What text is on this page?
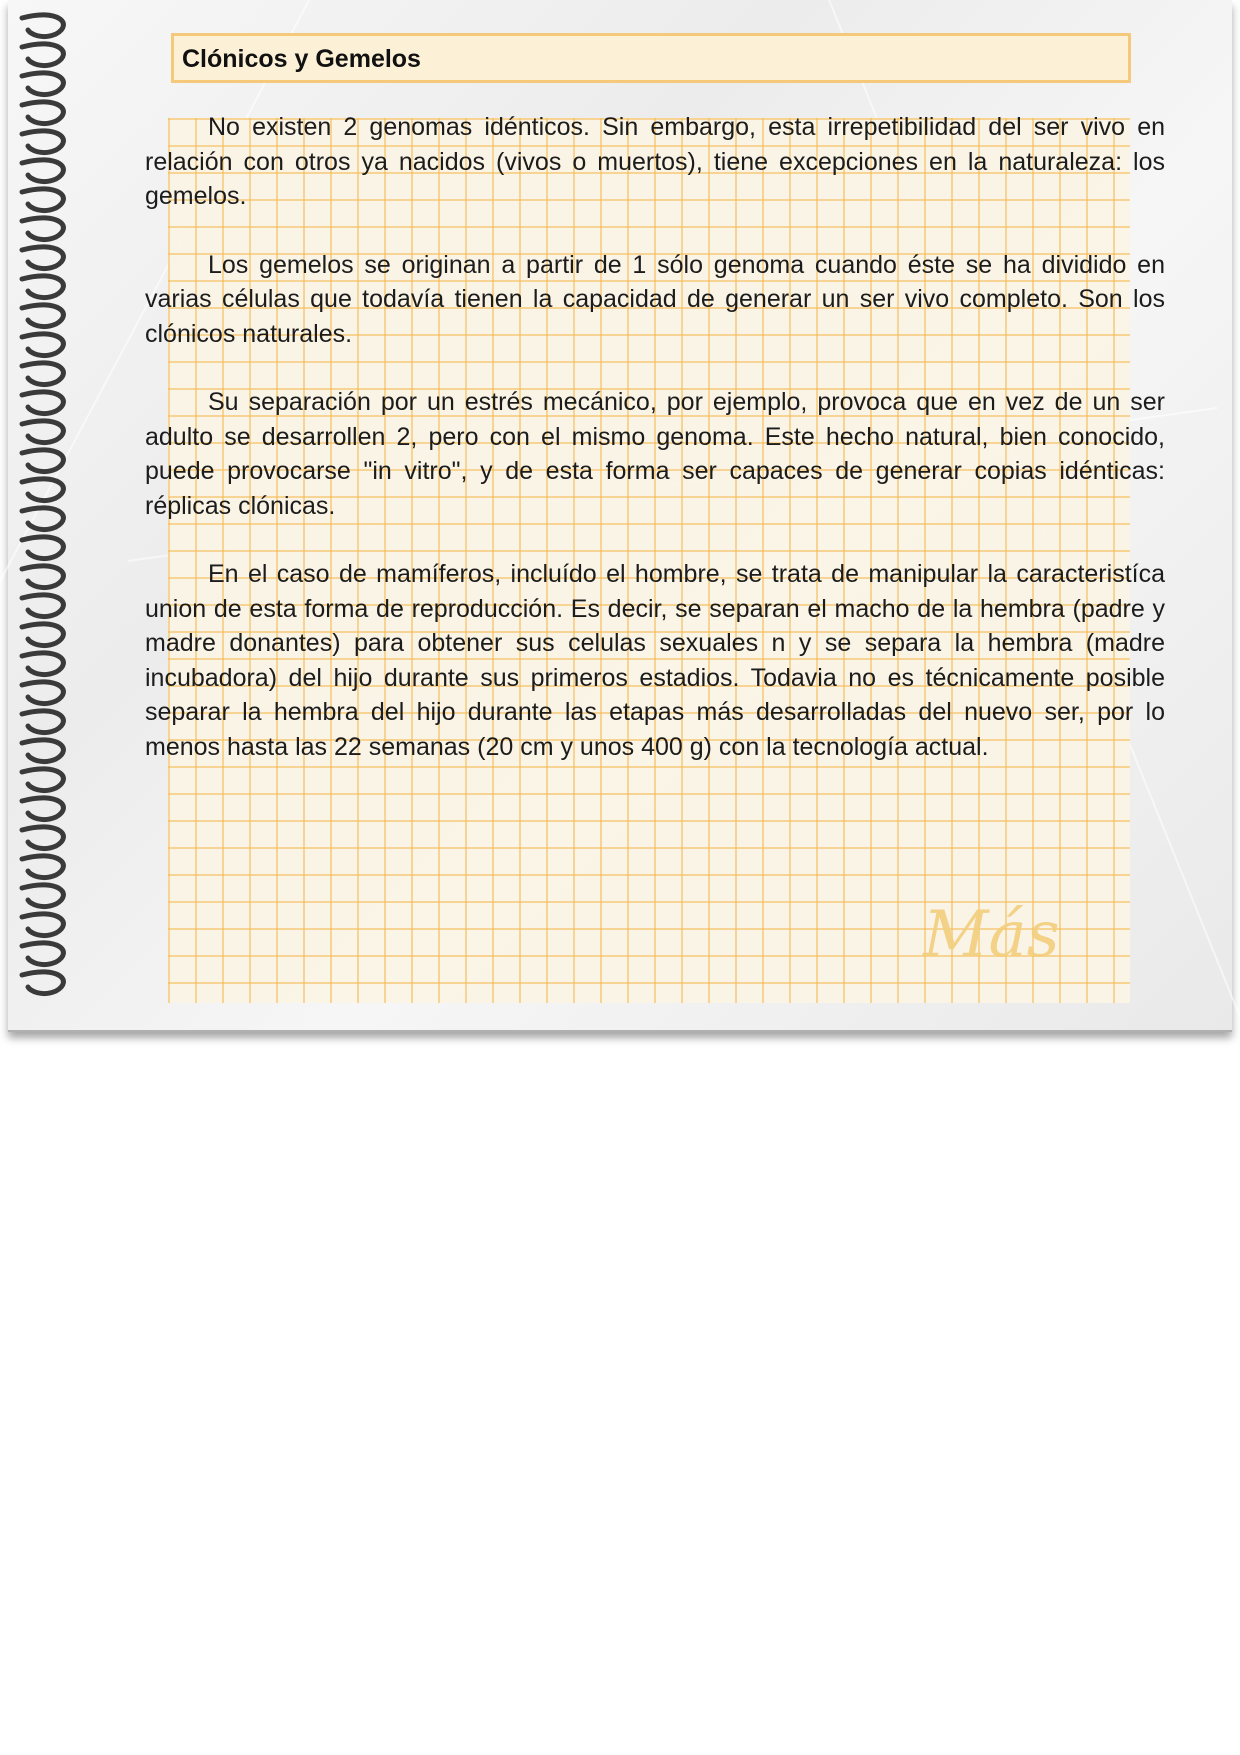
Clónicos y Gemelos

No existen 2 genomas idénticos. Sin embargo, esta irrepetibilidad del ser vivo en relación con otros ya nacidos (vivos o muertos), tiene excepciones en la naturaleza: los gemelos.

Los gemelos se originan a partir de 1 sólo genoma cuando éste se ha dividido en varias células que todavía tienen la capacidad de generar un ser vivo completo. Son los clónicos naturales.

Su separación por un estrés mecánico, por ejemplo, provoca que en vez de un ser adulto se desarrollen 2, pero con el mismo genoma. Este hecho natural, bien conocido, puede provocarse "in vitro", y de esta forma ser capaces de generar copias idénticas: réplicas clónicas.

En el caso de mamíferos, incluído el hombre, se trata de manipular la caracteristíca union de esta forma de reproducción. Es decir, se separan el macho de la hembra (padre y madre donantes) para obtener sus celulas sexuales n y se separa la hembra (madre incubadora) del hijo durante sus primeros estadios. Todavia no es técnicamente posible separar la hembra del hijo durante las etapas más desarrolladas del nuevo ser, por lo menos hasta las 22 semanas (20 cm y unos 400 g) con la tecnología actual.

Más
